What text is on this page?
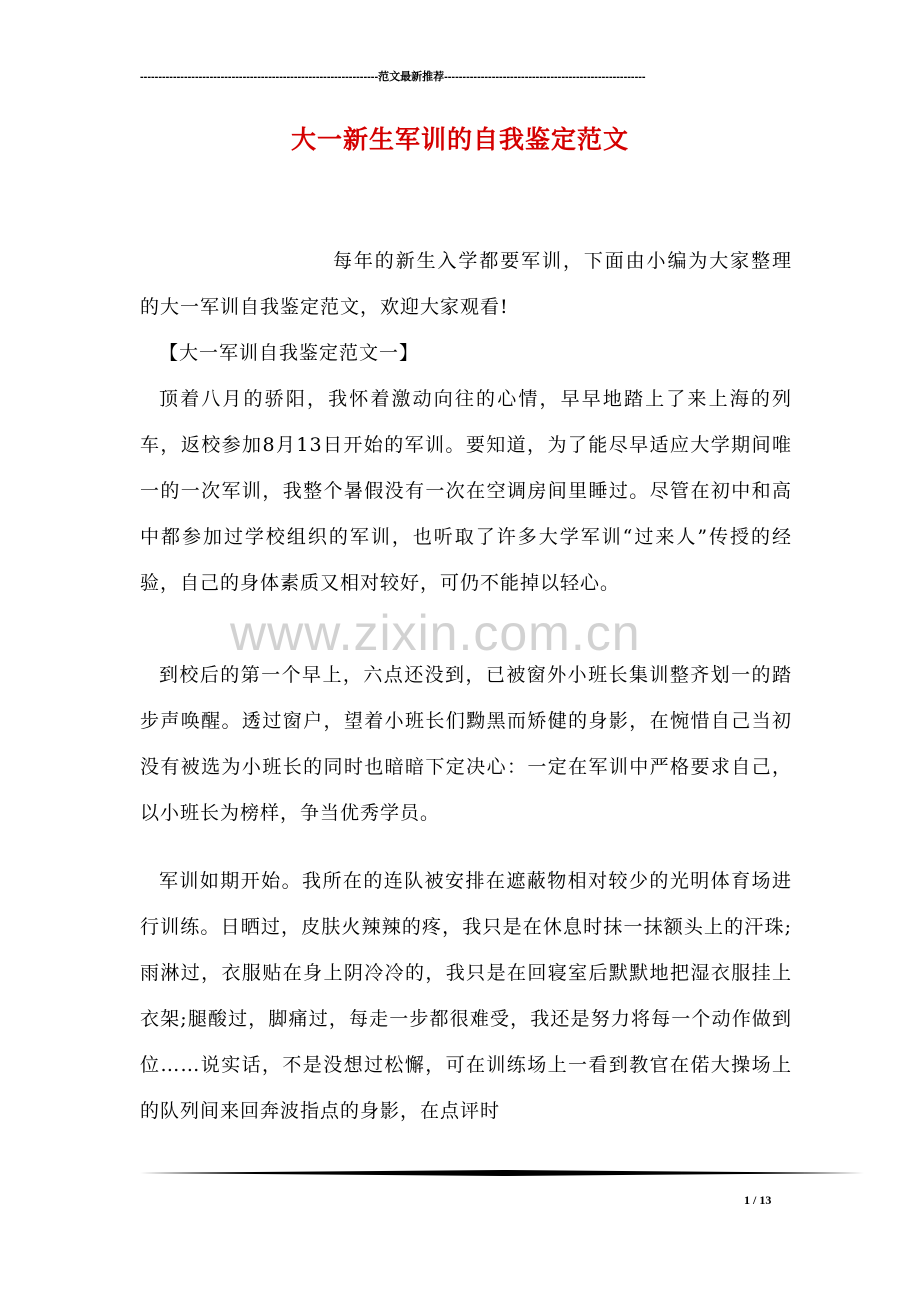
-----------------------------------------------------------------范文最新推荐-------------------------------------------------------
大一新生军训的自我鉴定范文
每年的新生入学都要军训，下面由小编为大家整理的大一军训自我鉴定范文，欢迎大家观看!
【大一军训自我鉴定范文一】
顶着八月的骄阳，我怀着激动向往的心情，早早地踏上了来上海的列车，返校参加8月13日开始的军训。要知道，为了能尽早适应大学期间唯一的一次军训，我整个暑假没有一次在空调房间里睡过。尽管在初中和高中都参加过学校组织的军训，也听取了许多大学军训“过来人”传授的经验，自己的身体素质又相对较好，可仍不能掉以轻心。
到校后的第一个早上，六点还没到，已被窗外小班长集训整齐划一的踏步声唤醒。透过窗户，望着小班长们黝黑而矫健的身影，在惋惜自己当初没有被选为小班长的同时也暗暗下定决心：一定在军训中严格要求自己，以小班长为榜样，争当优秀学员。
军训如期开始。我所在的连队被安排在遮蔽物相对较少的光明体育场进行训练。日晒过，皮肤火辣辣的疼，我只是在休息时抹一抹额头上的汗珠;雨淋过，衣服贴在身上阴冷冷的，我只是在回寝室后默默地把湿衣服挂上衣架;腿酸过，脚痛过，每走一步都很难受，我还是努力将每一个动作做到位……说实话，不是没想过松懈，可在训练场上一看到教官在偌大操场上的队列间来回奔波指点的身影，在点评时
www.zixin.com.cn
1 / 13
